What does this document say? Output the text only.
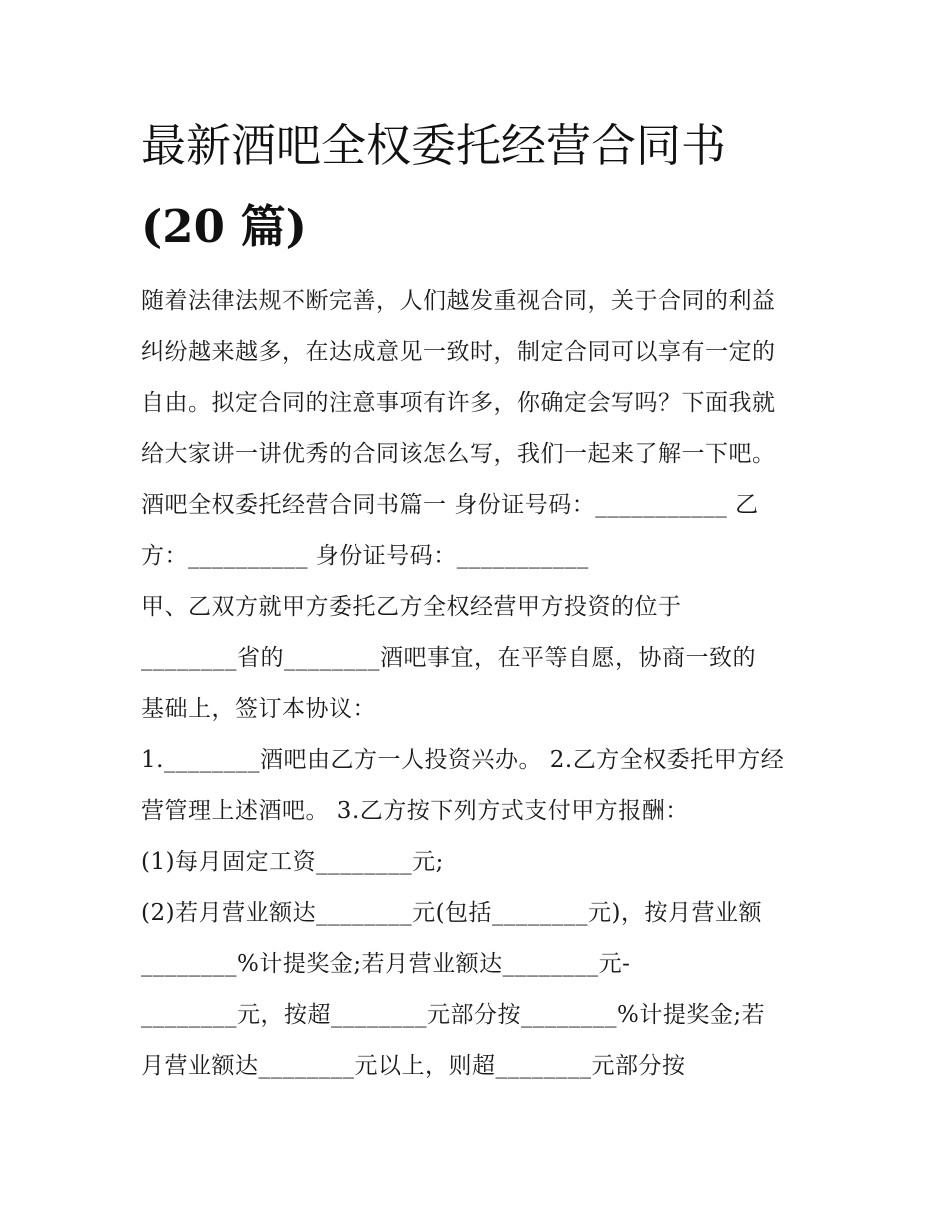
最新酒吧全权委托经营合同书
(20 篇)
随着法律法规不断完善，人们越发重视合同，关于合同的利益
纠纷越来越多，在达成意见一致时，制定合同可以享有一定的
自由。拟定合同的注意事项有许多，你确定会写吗？下面我就
给大家讲一讲优秀的合同该怎么写，我们一起来了解一下吧。
酒吧全权委托经营合同书篇一 身份证号码：___________ 乙
方：__________ 身份证号码：___________
甲、乙双方就甲方委托乙方全权经营甲方投资的位于
________省的________酒吧事宜，在平等自愿，协商一致的
基础上，签订本协议：
1.________酒吧由乙方一人投资兴办。 2.乙方全权委托甲方经
营管理上述酒吧。 3.乙方按下列方式支付甲方报酬：
(1)每月固定工资________元;
(2)若月营业额达________元(包括________元)，按月营业额
________%计提奖金;若月营业额达________元-
________元，按超________元部分按________%计提奖金;若
月营业额达________元以上，则超________元部分按
